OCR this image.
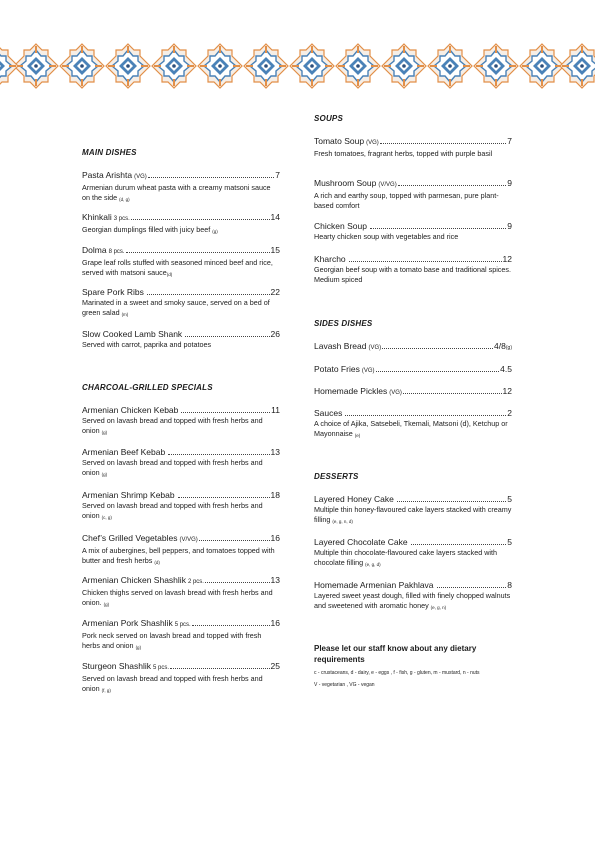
MAIN DISHES
Pasta Arishta (VG)	7
Armenian durum wheat pasta with a creamy matsoni sauce on the side $_{(d, g)}$
Khinkali 3 pcs.	14
Georgian dumplings filled with juicy beef $_{(g)}$
Dolma 8 pcs.	15
Grape leaf rolls stuffed with seasoned minced beef and rice, served with matsoni sauce$_{(d)}$
Spare Pork Ribs	22
Marinated in a sweet and smoky sauce, served on a bed of green salad $_{(m)}$
Slow Cooked Lamb Shank	26
Served with carrot, paprika and potatoes
CHARCOAL-GRILLED SPECIALS
Armenian Chicken Kebab	11
Served on lavash bread and topped with fresh herbs and onion $_{(g)}$
Armenian Beef Kebab	13
Served on lavash bread and topped with fresh herbs and onion $_{(g)}$
Armenian Shrimp Kebab	18
Served on lavash bread and topped with fresh herbs and onion $_{(c, g)}$
Chef’s Grilled Vegetables (V/VG)	16
A mix of aubergines, bell peppers, and tomatoes topped with butter and fresh herbs $_{(d)}$
Armenian Chicken Shashlik 2 pcs.	13
Chicken thighs served on lavash bread with fresh herbs and onion. $_{(g)}$
Armenian Pork Shashlik 5 pcs.	16
Pork neck served on lavash bread and topped with fresh herbs and onion $_{(g)}$
Sturgeon Shashlik 5 pcs.	25
Served on lavash bread and topped with fresh herbs and onion $_{(f, g)}$
SOUPS
Tomato Soup (VG)	7
Fresh tomatoes, fragrant herbs, topped with purple basil
Mushroom Soup (V/VG)	9
A rich and earthy soup, topped with parmesan, pure plant-based comfort
Chicken Soup	9
Hearty chicken soup with vegetables and rice
Kharcho	12
Georgian beef soup with a tomato base and traditional spices. Medium spiced
SIDES DISHES
Lavash Bread (VG)	4/8 (g)
Potato Fries (VG)	4.5
Homemade Pickles (VG)	12
Sauces	2
A choice of Ajika, Satsebeli, Tkemali, Matsoni (d), Ketchup or Mayonnaise $_{(e)}$
DESSERTS
Layered Honey Cake	5
Multiple thin honey-flavoured cake layers stacked with creamy filling $_{(e, g, n, d)}$
Layered Chocolate Cake	5
Multiple thin chocolate-flavoured cake layers stacked with chocolate filling $_{(e, g, d)}$
Homemade Armenian Pakhlava	8
Layered sweet yeast dough, filled with finely chopped walnuts and sweetened with aromatic honey $_{(e, g, n)}$
Please let our staff know about any dietary requirements
c - crustaceans, d - dairy, e - eggs , f - fish, g - gluten, m - mustard, n - nuts
V - vegetarian , VG - vegan
